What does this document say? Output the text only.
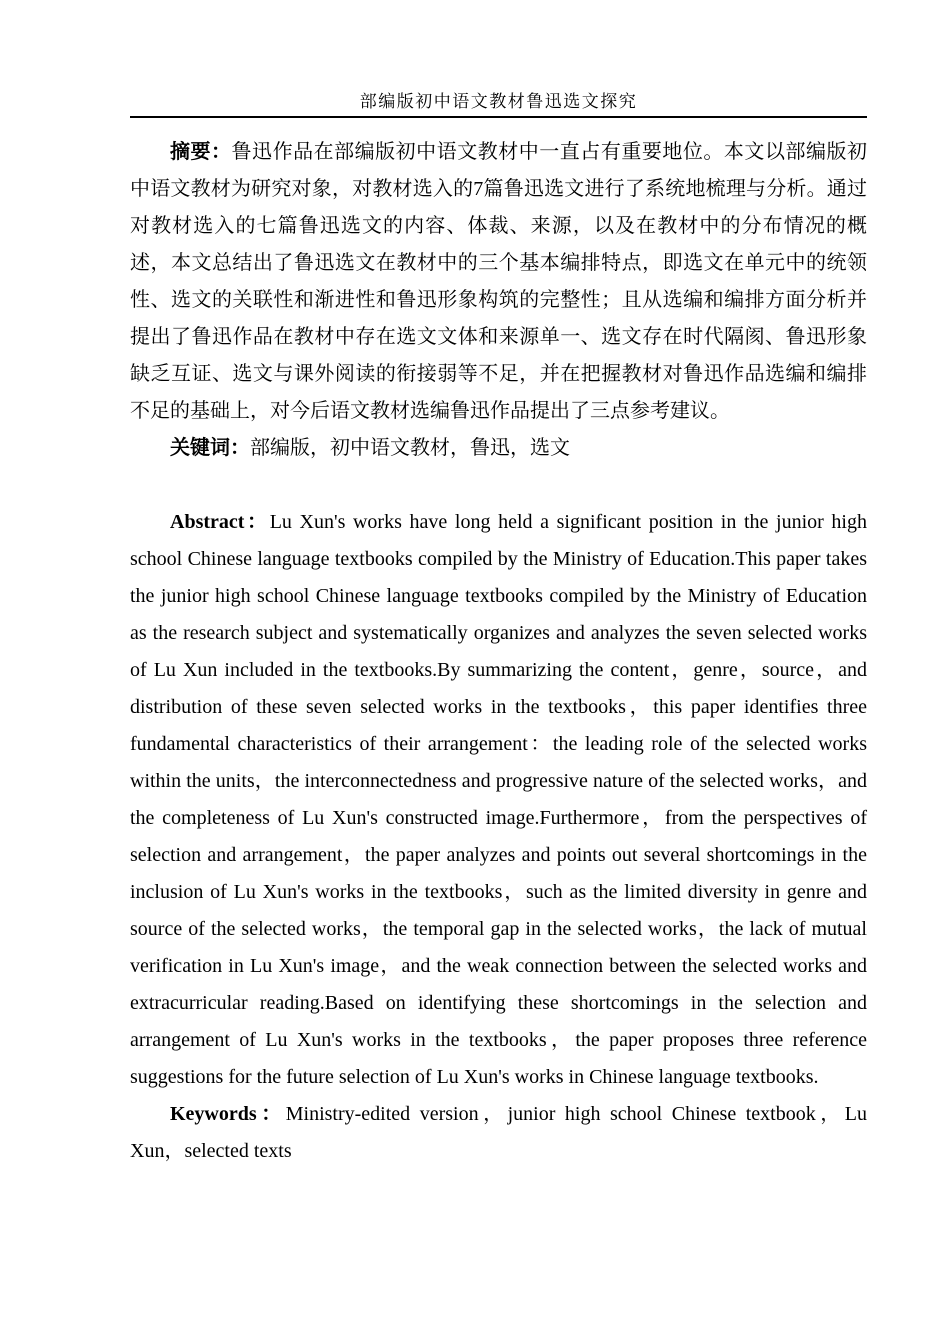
部编版初中语文教材鲁迅选文探究

摘要：鲁迅作品在部编版初中语文教材中一直占有重要地位。本文以部编版初中语文教材为研究对象，对教材选入的7篇鲁迅选文进行了系统地梳理与分析。通过对教材选入的七篇鲁迅选文的内容、体裁、来源，以及在教材中的分布情况的概述，本文总结出了鲁迅选文在教材中的三个基本编排特点，即选文在单元中的统领性、选文的关联性和渐进性和鲁迅形象构筑的完整性；且从选编和编排方面分析并提出了鲁迅作品在教材中存在选文文体和来源单一、选文存在时代隔阂、鲁迅形象缺乏互证、选文与课外阅读的衔接弱等不足，并在把握教材对鲁迅作品选编和编排不足的基础上，对今后语文教材选编鲁迅作品提出了三点参考建议。

关键词：部编版，初中语文教材，鲁迅，选文

Abstract：Lu Xun's works have long held a significant position in the junior high school Chinese language textbooks compiled by the Ministry of Education.This paper takes the junior high school Chinese language textbooks compiled by the Ministry of Education as the research subject and systematically organizes and analyzes the seven selected works of Lu Xun included in the textbooks.By summarizing the content，genre，source，and distribution of these seven selected works in the textbooks，this paper identifies three fundamental characteristics of their arrangement：the leading role of the selected works within the units，the interconnectedness and progressive nature of the selected works，and the completeness of Lu Xun's constructed image.Furthermore，from the perspectives of selection and arrangement，the paper analyzes and points out several shortcomings in the inclusion of Lu Xun's works in the textbooks，such as the limited diversity in genre and source of the selected works，the temporal gap in the selected works，the lack of mutual verification in Lu Xun's image，and the weak connection between the selected works and extracurricular reading.Based on identifying these shortcomings in the selection and arrangement of Lu Xun's works in the textbooks，the paper proposes three reference suggestions for the future selection of Lu Xun's works in Chinese language textbooks.

Keywords：Ministry-edited version，junior high school Chinese textbook，Lu Xun，selected texts
